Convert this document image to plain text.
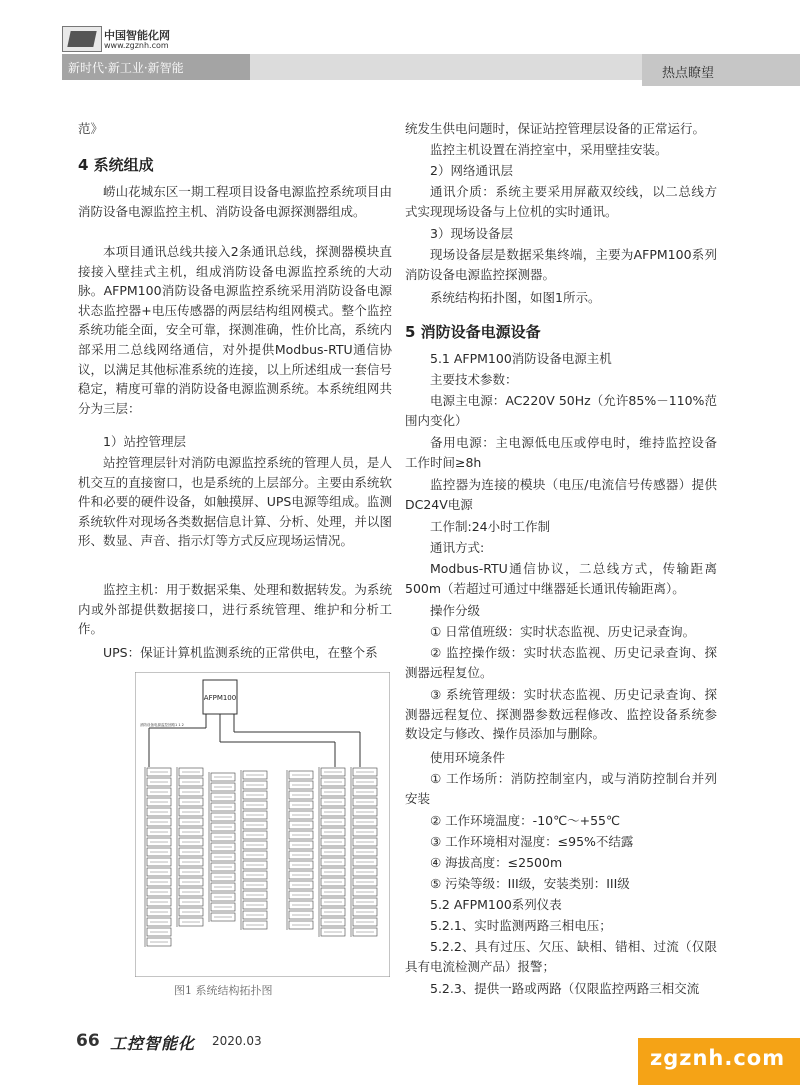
中国智能化网
www.zgznh.com
新时代·新工业·新智能	热点瞭望
范》
4 系统组成
崂山花城东区一期工程项目设备电源监控系统项目由消防设备电源监控主机、消防设备电源探测器组成。
本项目通讯总线共接入2条通讯总线，探测器模块直接接入壁挂式主机，组成消防设备电源监控系统的大动脉。AFPM100消防设备电源监控系统采用消防设备电源状态监控器+电压传感器的两层结构组网模式。整个监控系统功能全面，安全可靠，探测准确，性价比高，系统内部采用二总线网络通信，对外提供Modbus-RTU通信协议，以满足其他标准系统的连接，以上所述组成一套信号稳定，精度可靠的消防设备电源监测系统。本系统组网共分为三层：
1）站控管理层
站控管理层针对消防电源监控系统的管理人员，是人机交互的直接窗口，也是系统的上层部分。主要由系统软件和必要的硬件设备，如触摸屏、UPS电源等组成。监测系统软件对现场各类数据信息计算、分析、处理，并以图形、数显、声音、指示灯等方式反应现场运情况。
监控主机：用于数据采集、处理和数据转发。为系统内或外部提供数据接口，进行系统管理、维护和分析工作。
UPS：保证计算机监测系统的正常供电，在整个系
AFPM100
消防设备电源监控回路1 1 2
图1 系统结构拓扑图
统发生供电问题时，保证站控管理层设备的正常运行。
监控主机设置在消控室中，采用壁挂安装。
2）网络通讯层
通讯介质：系统主要采用屏蔽双绞线，以二总线方式实现现场设备与上位机的实时通讯。
3）现场设备层
现场设备层是数据采集终端，主要为AFPM100系列消防设备电源监控探测器。
系统结构拓扑图，如图1所示。
5 消防设备电源设备
5.1 AFPM100消防设备电源主机
主要技术参数：
电源主电源：AC220V 50Hz（允许85%－110%范围内变化）
备用电源：主电源低电压或停电时，维持监控设备工作时间≥8h
监控器为连接的模块（电压/电流信号传感器）提供DC24V电源
工作制:24小时工作制
通讯方式:
Modbus-RTU通信协议，二总线方式，传输距离500m（若超过可通过中继器延长通讯传输距离）。
操作分级
① 日常值班级：实时状态监视、历史记录查询。
② 监控操作级：实时状态监视、历史记录查询、探测器远程复位。
③ 系统管理级：实时状态监视、历史记录查询、探测器远程复位、探测器参数远程修改、监控设备系统参数设定与修改、操作员添加与删除。
使用环境条件
① 工作场所：消防控制室内，或与消防控制台并列安装
② 工作环境温度：-10℃～+55℃
③ 工作环境相对湿度：≤95%不结露
④ 海拔高度：≤2500m
⑤ 污染等级：III级，安装类别：III级
5.2 AFPM100系列仪表
5.2.1、实时监测两路三相电压；
5.2.2、具有过压、欠压、缺相、错相、过流（仅限具有电流检测产品）报警；
5.2.3、提供一路或两路（仅限监控两路三相交流
66 工控智能化 2020.03
zgznh.com
